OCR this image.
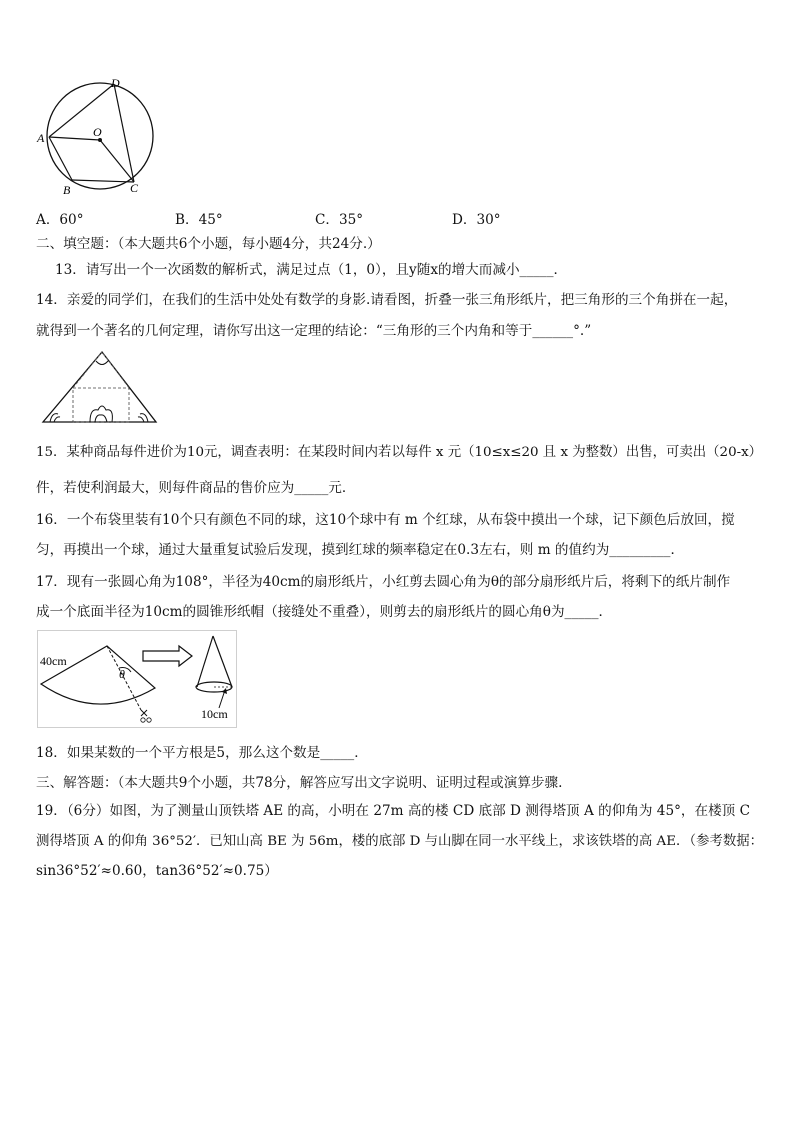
D
A	O
B	C
A．60°	B．45°	C．35°	D．30°
二、填空题：（本大题共6个小题，每小题4分，共24分.）
13．请写出一个一次函数的解析式，满足过点（1，0），且y随x的增大而减小_____．
14．亲爱的同学们，在我们的生活中处处有数学的身影.请看图，折叠一张三角形纸片，把三角形的三个角拼在一起，
就得到一个著名的几何定理，请你写出这一定理的结论：“三角形的三个内角和等于______°.”
15．某种商品每件进价为10元，调查表明：在某段时间内若以每件 x 元（10≤x≤20 且 x 为整数）出售，可卖出（20-x）
件，若使利润最大，则每件商品的售价应为_____元．
16．一个布袋里装有10个只有颜色不同的球，这10个球中有 m 个红球，从布袋中摸出一个球，记下颜色后放回，搅
匀，再摸出一个球，通过大量重复试验后发现，摸到红球的频率稳定在0.3左右，则 m 的值约为_________．
17．现有一张圆心角为108°，半径为40cm的扇形纸片，小红剪去圆心角为θ的部分扇形纸片后，将剩下的纸片制作
成一个底面半径为10cm的圆锥形纸帽（接缝处不重叠），则剪去的扇形纸片的圆心角θ为_____．
40cm
θ
10cm
18．如果某数的一个平方根是5，那么这个数是_____．
三、解答题：（本大题共9个小题，共78分，解答应写出文字说明、证明过程或演算步骤.
19．（6分）如图，为了测量山顶铁塔 AE 的高，小明在 27m 高的楼 CD 底部 D 测得塔顶 A 的仰角为 45°，在楼顶 C
测得塔顶 A 的仰角 36°52′．已知山高 BE 为 56m，楼的底部 D 与山脚在同一水平线上，求该铁塔的高 AE．（参考数据：
sin36°52′≈0.60，tan36°52′≈0.75）
